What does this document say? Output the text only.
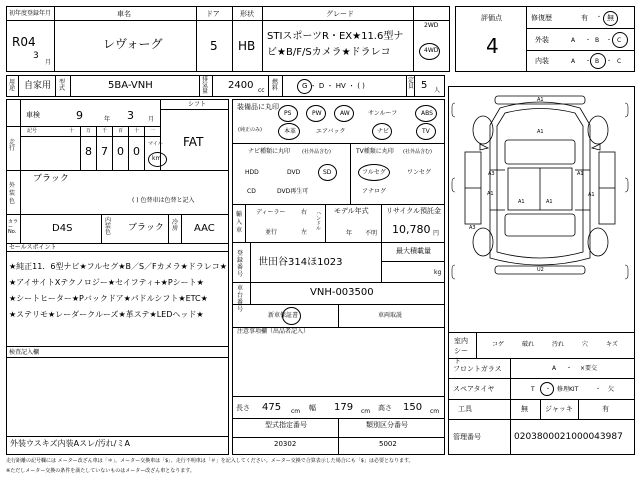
初年度登録年月
R04
3
月
車名
レヴォーグ
ドア
5
形状
HB
グレード
STIスポーツR・EX★11.6型ナ
ビ★B/F/Sカメラ★ドラレコ
2WD
4WD
評価点
4
修復歴	有 ・ 無
外装	A ・ B ・ C
内装	A ・ B ・ C
用途 自家用 型式	5BA-VNH
排気量
2400 cc
燃料	G ・ D ・ HV ・ ( )
定員 5 人
車検	9	年 3 月
シフト
FAT
走行
記号	十 万 千 百 十 一
8 7 0 0
マイル
km
外装色
ブラック
( ) 色替車は色替と記入
カラーNo.	D4S
内装色 ブラック
冷房 AAC
セールスポイント
★純正11．6型ナビ★フルセグ★B／S／Fカメラ★ドラレコ★
★アイサイトXテクノロジー★セイフティ+★Pシート★
★シートヒーター★Pバックドア★パドルシフト★ETC★
★ステリモ★レーダークルーズ★革ステ★LEDヘッド★
検査記入欄
外装ウスキズ内装Aスレ/汚れ/ミA
装備品に丸印
(純正のみ)
PS	PW	AW	サンルーフ	ABS
本革	エアバック	ナビ	TV
ナビ種類に丸印 (社外品含む)
HDD	DVD	SD
CD	DVD再生可
TV種類に丸印 (社外品含む)
フルセグ	ワンセグ
アナログ
輸入車
ディーラー
並行
右
左
ハンドル
モデル年式
年 不明
リサイクル預託金
10,780 円
最大積載量
kg
登録番号
世田谷314ほ1023
車台番号
VNH-003500
新車保証書	車両取説
注意事項欄（出品者記入）
長さ 475 cm 幅 179 cm 高さ 150 cm
型式指定番号
20302
類別区分番号
5002
室内シート
コゲ	破れ	汚れ	穴	キズ
フロントガラス	A ・ ×要交
スペアタイヤ	T ・ 修理KIT	・ 欠
工具	無 ジャッキ	有
管理番号	0203800021000043987
A1
A1
A3
A1
A1	A1
A1
A1
A3
U2
走行距離の記号欄には メーター改ざん車は「＊」、メーター交換車は「$」、走行不明車は「＃」を記入してください。メーター交換で合算表示した場合にも「$」は必要となります。
※ただしメーター交換の条件を満たしていないものはメーター改ざん車となります。
